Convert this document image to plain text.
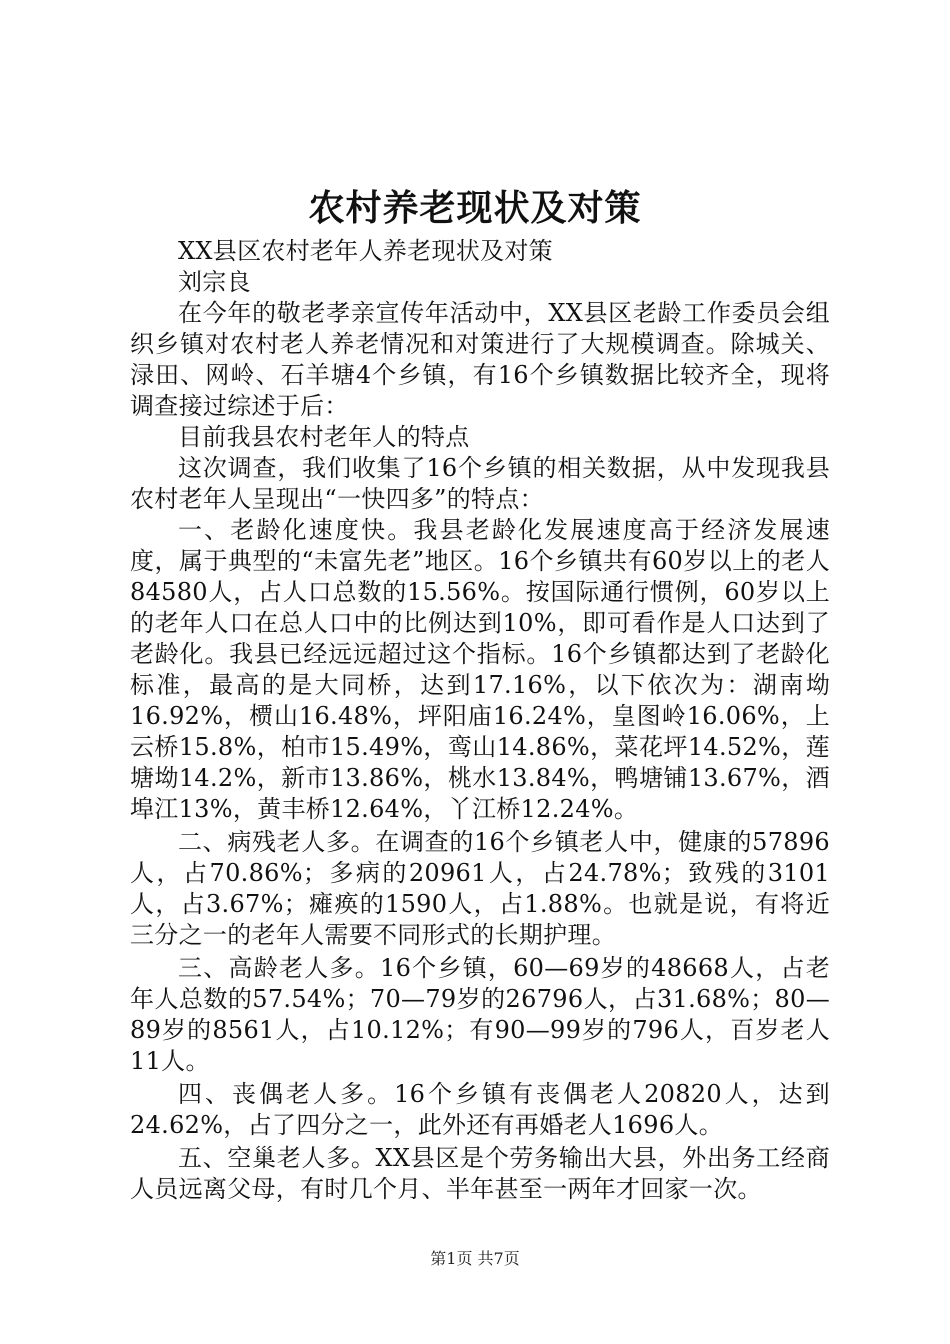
农村养老现状及对策

XX县区农村老年人养老现状及对策

刘宗良

在今年的敬老孝亲宣传年活动中，XX县区老龄工作委员会组织乡镇对农村老人养老情况和对策进行了大规模调查。除城关、渌田、网岭、石羊塘4个乡镇，有16个乡镇数据比较齐全，现将调查接过综述于后：

目前我县农村老年人的特点

这次调查，我们收集了16个乡镇的相关数据，从中发现我县农村老年人呈现出“一快四多”的特点：

一、老龄化速度快。我县老龄化发展速度高于经济发展速度，属于典型的“未富先老”地区。16个乡镇共有60岁以上的老人84580人，占人口总数的15.56%。按国际通行惯例，60岁以上的老年人口在总人口中的比例达到10%，即可看作是人口达到了老龄化。我县已经远远超过这个指标。16个乡镇都达到了老龄化标准，最高的是大同桥，达到17.16%，以下依次为：湖南坳16.92%，槚山16.48%，坪阳庙16.24%，皇图岭16.06%，上云桥15.8%，柏市15.49%，鸾山14.86%，菜花坪14.52%，莲塘坳14.2%，新市13.86%，桃水13.84%，鸭塘铺13.67%，酒埠江13%，黄丰桥12.64%，丫江桥12.24%。

二、病残老人多。在调查的16个乡镇老人中，健康的57896人，占70.86%；多病的20961人，占24.78%；致残的3101人，占3.67%；瘫痪的1590人，占1.88%。也就是说，有将近三分之一的老年人需要不同形式的长期护理。

三、高龄老人多。16个乡镇，60—69岁的48668人，占老年人总数的57.54%；70—79岁的26796人，占31.68%；80—89岁的8561人，占10.12%；有90—99岁的796人，百岁老人11人。

四、丧偶老人多。16个乡镇有丧偶老人20820人，达到24.62%，占了四分之一，此外还有再婚老人1696人。

五、空巢老人多。XX县区是个劳务输出大县，外出务工经商人员远离父母，有时几个月、半年甚至一两年才回家一次。

第1页 共7页
